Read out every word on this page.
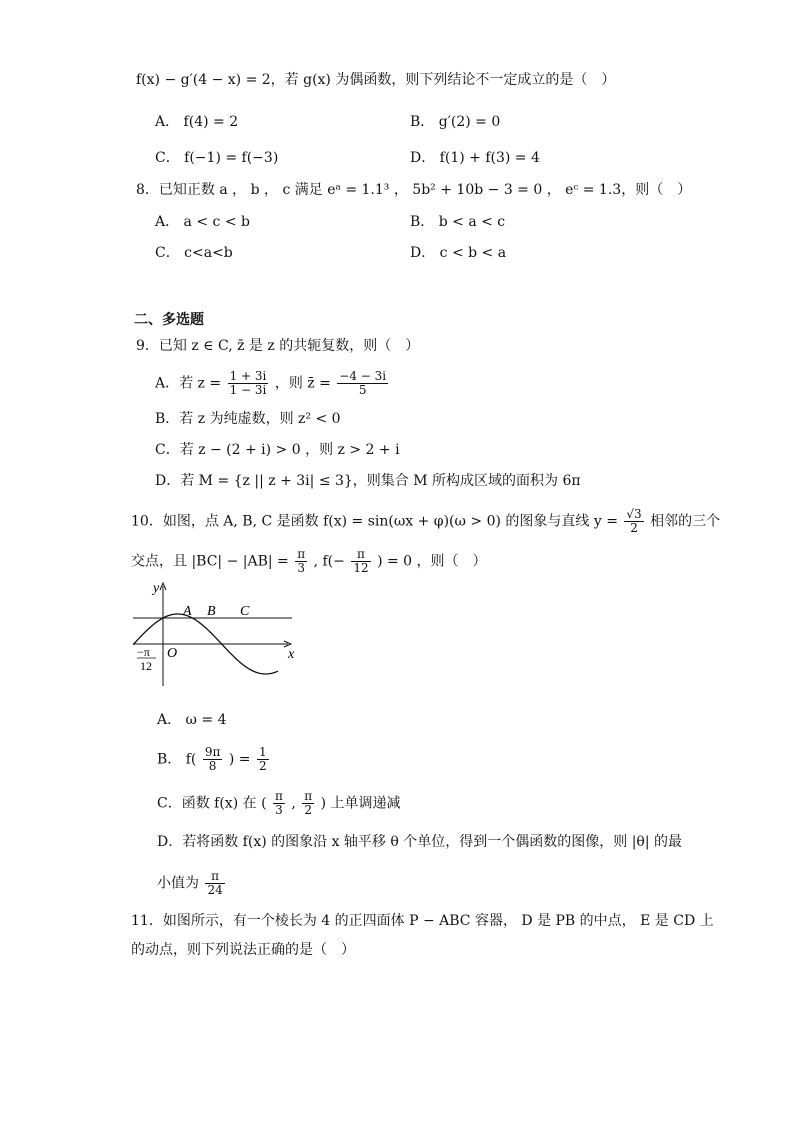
f(x) − g′(4 − x) = 2，若 g(x) 为偶函数，则下列结论不一定成立的是（　）
A． f(4) = 2	B． g′(2) = 0
C． f(−1) = f(−3)	D． f(1) + f(3) = 4
8．已知正数 a ， b ， c 满足 eᵃ = 1.1³ ， 5b² + 10b − 3 = 0 ， eᶜ = 1.3，则（　）
A． a < c < b	B． b < a < c
C． c<a<b	D． c < b < a
二、多选题
9．已知 z ∈ C, z̄ 是 z 的共轭复数，则（　）
A．若 $z = \frac{1 + 3i}{1 - 3i}$ ，则 z̄ = $\frac{-4 - 3i}{5}$
B．若 z 为纯虚数，则 z² < 0
C．若 z − (2 + i) > 0 ，则 z > 2 + i
D．若 M = {z || z + 3i| ≤ 3}，则集合 M 所构成区域的面积为 6π
10．如图，点 A, B, C 是函数 f(x) = sin(ωx + φ)(ω > 0) 的图象与直线 $y = \frac{√3}{2}$ 相邻的三个
交点，且 $|BC| - |AB| = \frac{\pi}{3}$ , $f(- \frac{\pi}{12}$ ) = 0 ，则（　）
y
x
A B C
O
−π
12
A． ω = 4
B． $f( \frac{9\pi}{8}$ ) = $\frac{1}{2}$
C．函数 f(x) 在 ( $\frac{\pi}{3}$ , $\frac{\pi}{2}$ ) 上单调递减
D．若将函数 f(x) 的图象沿 x 轴平移 θ 个单位，得到一个偶函数的图像，则 |θ| 的最
小值为 $\frac{\pi}{24}$
11．如图所示，有一个棱长为 4 的正四面体 P − ABC 容器， D 是 PB 的中点， E 是 CD 上
的动点，则下列说法正确的是（　）
